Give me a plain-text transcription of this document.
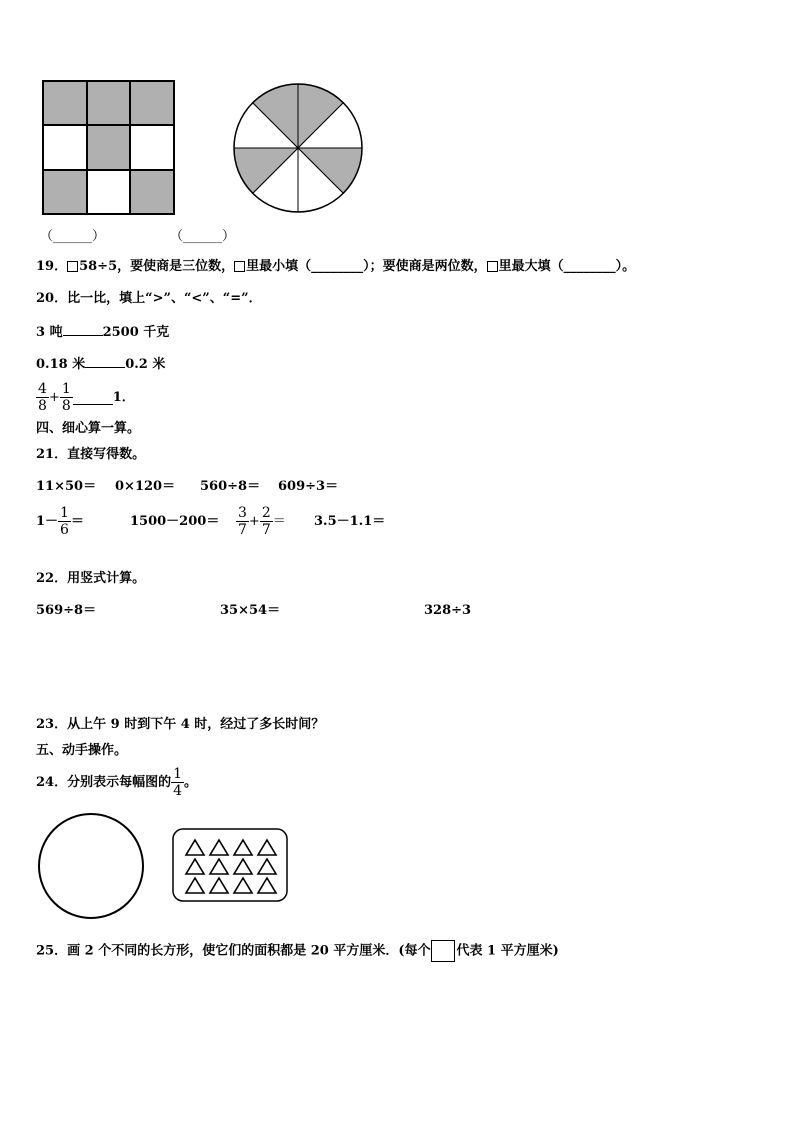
（______）	（______）
19． 58÷5，要使商是三位数， 里最小填（________）；要使商是两位数， 里最大填（________）。
20．比一比，填上“>”、“<”、“=”．
3 吨	2500 千克
0.18 米	0.2 米
$\frac{4}{8} + \frac{1}{8}$	1．
四、细心算一算。
21．直接写得数。
11×50＝ 0×120＝ 560÷8＝ 609÷3＝
$1- \frac{1}{6}$ ＝	$1500-200= \frac{3}{7} + \frac{2}{7} = 3.5-1.1=$
22．用竖式计算。
569÷8＝	35×54＝	328÷3
23．从上午 9 时到下午 4 时，经过了多长时间？
五、动手操作。
24．分别表示每幅图的 $\frac{1}{4}$ 。
25．画 2 个不同的长方形，使它们的面积都是 20 平方厘米．(每个 代表 1 平方厘米)
